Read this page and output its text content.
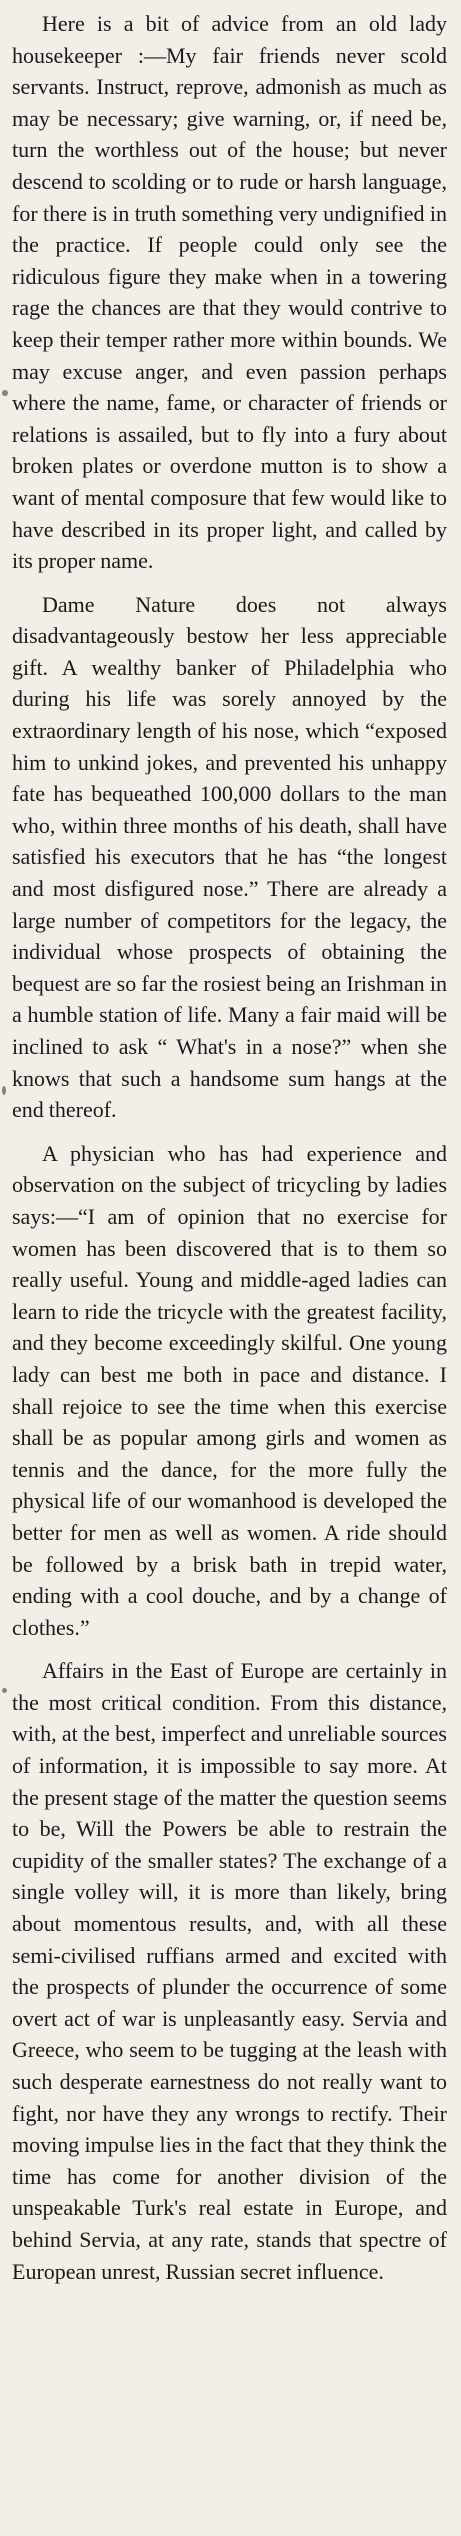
Here is a bit of advice from an old lady housekeeper :—My fair friends never scold servants. Instruct, reprove, admonish as much as may be necessary; give warning, or, if need be, turn the worthless out of the house; but never descend to scolding or to rude or harsh language, for there is in truth something very undignified in the practice. If people could only see the ridiculous figure they make when in a towering rage the chances are that they would contrive to keep their temper rather more within bounds. We may excuse anger, and even passion perhaps where the name, fame, or character of friends or relations is assailed, but to fly into a fury about broken plates or overdone mutton is to show a want of mental composure that few would like to have described in its proper light, and called by its proper name.

Dame Nature does not always disadvantageously bestow her less appreciable gift. A wealthy banker of Philadelphia who during his life was sorely annoyed by the extraordinary length of his nose, which “exposed him to unkind jokes, and prevented his unhappy fate has bequeathed 100,000 dollars to the man who, within three months of his death, shall have satisfied his executors that he has “the longest and most disfigured nose.” There are already a large number of competitors for the legacy, the individual whose prospects of obtaining the bequest are so far the rosiest being an Irishman in a humble station of life. Many a fair maid will be inclined to ask “ What's in a nose?” when she knows that such a handsome sum hangs at the end thereof.

A physician who has had experience and observation on the subject of tricycling by ladies says:—“I am of opinion that no exercise for women has been discovered that is to them so really useful. Young and middle-aged ladies can learn to ride the tricycle with the greatest facility, and they become exceedingly skilful. One young lady can best me both in pace and distance. I shall rejoice to see the time when this exercise shall be as popular among girls and women as tennis and the dance, for the more fully the physical life of our womanhood is developed the better for men as well as women. A ride should be followed by a brisk bath in trepid water, ending with a cool douche, and by a change of clothes.”

Affairs in the East of Europe are certainly in the most critical condition. From this distance, with, at the best, imperfect and unreliable sources of information, it is impossible to say more. At the present stage of the matter the question seems to be, Will the Powers be able to restrain the cupidity of the smaller states? The exchange of a single volley will, it is more than likely, bring about momentous results, and, with all these semi-civilised ruffians armed and excited with the prospects of plunder the occurrence of some overt act of war is unpleasantly easy. Servia and Greece, who seem to be tugging at the leash with such desperate earnestness do not really want to fight, nor have they any wrongs to rectify. Their moving impulse lies in the fact that they think the time has come for another division of the unspeakable Turk's real estate in Europe, and behind Servia, at any rate, stands that spectre of European unrest, Russian secret influence.
